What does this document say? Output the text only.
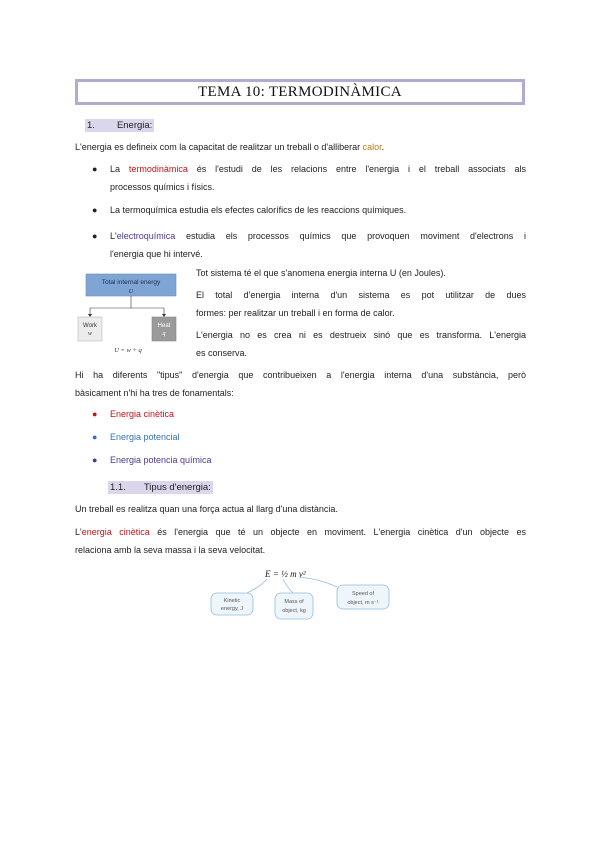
TEMA 10: TERMODINÀMICA
1. Energia:
L'energia es defineix com la capacitat de realitzar un treball o d'alliberar calor.
● La termodinàmica és l'estudi de les relacions entre l'energia i el treball associats als
processos químics i físics.
● La termoquímica estudia els efectes calorífics de les reaccions químiques.
● L'electroquímica estudia els processos químics que provoquen moviment d'electrons i
l'energia que hi intervé.
Total internal energy
U
Work
w
Heat
q
U = w + q
Tot sistema té el que s'anomena energia interna U (en Joules).
El total d'energia interna d'un sistema es pot utilitzar de dues
formes: per realitzar un treball i en forma de calor.
L'energia no es crea ni es destrueix sinó que es transforma. L'energia
es conserva.
Hi ha diferents "tipus" d'energia que contribueixen a l'energia interna d'una substància, però
bàsicament n'hi ha tres de fonamentals:
● Energia cinètica
● Energia potencial
● Energia potencia química
1.1. Tipus d'energia:
Un treball es realitza quan una força actua al llarg d'una distància.
L'energia cinètica és l'energia que té un objecte en moviment. L'energia cinètica d'un objecte es
relaciona amb la seva massa i la seva velocitat.
E = ½ m v²
Kinetic
energy, J
Mass of
object, kg
Speed of
object, m s⁻¹
